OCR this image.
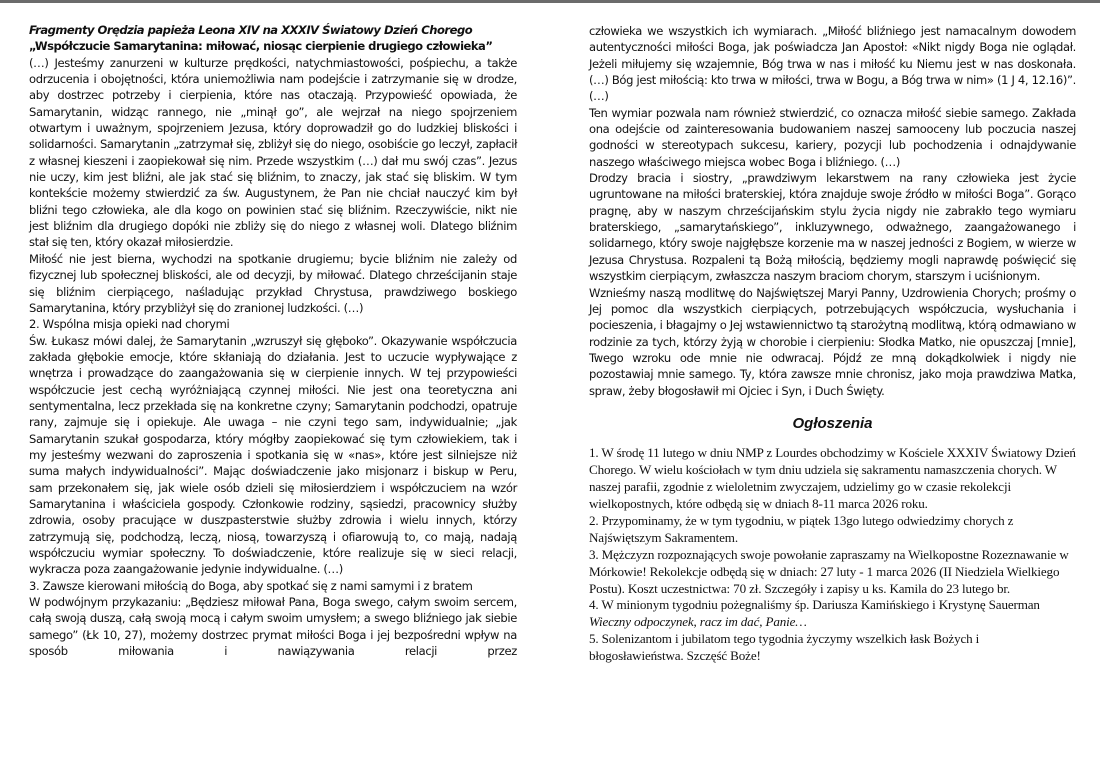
Fragmenty Orędzia papieża Leona XIV na XXXIV Światowy Dzień Chorego

„Współczucie Samarytanina: miłować, niosąc cierpienie drugiego człowieka”

(…) Jesteśmy zanurzeni w kulturze prędkości, natychmiastowości, pośpiechu, a także odrzucenia i obojętności, która uniemożliwia nam podejście i zatrzymanie się w drodze, aby dostrzec potrzeby i cierpienia, które nas otaczają. Przypowieść opowiada, że Samarytanin, widząc rannego, nie „minął go”, ale wejrzał na niego spojrzeniem otwartym i uważnym, spojrzeniem Jezusa, który doprowadził go do ludzkiej bliskości i solidarności. Samarytanin „zatrzymał się, zbliżył się do niego, osobiście go leczył, zapłacił z własnej kieszeni i zaopiekował się nim. Przede wszystkim (…) dał mu swój czas”. Jezus nie uczy, kim jest bliźni, ale jak stać się bliźnim, to znaczy, jak stać się bliskim. W tym kontekście możemy stwierdzić za św. Augustynem, że Pan nie chciał nauczyć kim był bliźni tego człowieka, ale dla kogo on powinien stać się bliźnim. Rzeczywiście, nikt nie jest bliźnim dla drugiego dopóki nie zbliży się do niego z własnej woli. Dlatego bliźnim stał się ten, który okazał miłosierdzie.

Miłość nie jest bierna, wychodzi na spotkanie drugiemu; bycie bliźnim nie zależy od fizycznej lub społecznej bliskości, ale od decyzji, by miłować. Dlatego chrześcijanin staje się bliźnim cierpiącego, naśladując przykład Chrystusa, prawdziwego boskiego Samarytanina, który przybliżył się do zranionej ludzkości. (…)

2. Wspólna misja opieki nad chorymi

Św. Łukasz mówi dalej, że Samarytanin „wzruszył się głęboko”. Okazywanie współczucia zakłada głębokie emocje, które skłaniają do działania. Jest to uczucie wypływające z wnętrza i prowadzące do zaangażowania się w cierpienie innych. W tej przypowieści współczucie jest cechą wyróżniającą czynnej miłości. Nie jest ona teoretyczna ani sentymentalna, lecz przekłada się na konkretne czyny; Samarytanin podchodzi, opatruje rany, zajmuje się i opiekuje. Ale uwaga – nie czyni tego sam, indywidualnie; „jak Samarytanin szukał gospodarza, który mógłby zaopiekować się tym człowiekiem, tak i my jesteśmy wezwani do zaproszenia i spotkania się w «nas», które jest silniejsze niż suma małych indywidualności”. Mając doświadczenie jako misjonarz i biskup w Peru, sam przekonałem się, jak wiele osób dzieli się miłosierdziem i współczuciem na wzór Samarytanina i właściciela gospody. Członkowie rodziny, sąsiedzi, pracownicy służby zdrowia, osoby pracujące w duszpasterstwie służby zdrowia i wielu innych, którzy zatrzymują się, podchodzą, leczą, niosą, towarzyszą i ofiarowują to, co mają, nadają współczuciu wymiar społeczny. To doświadczenie, które realizuje się w sieci relacji, wykracza poza zaangażowanie jedynie indywidualne. (…)

3. Zawsze kierowani miłością do Boga, aby spotkać się z nami samymi i z bratem

W podwójnym przykazaniu: „Będziesz miłował Pana, Boga swego, całym swoim sercem, całą swoją duszą, całą swoją mocą i całym swoim umysłem; a swego bliźniego jak siebie samego” (Łk 10, 27), możemy dostrzec prymat miłości Boga i jej bezpośredni wpływ na sposób miłowania i nawiązywania relacji przez

człowieka we wszystkich ich wymiarach. „Miłość bliźniego jest namacalnym dowodem autentyczności miłości Boga, jak poświadcza Jan Apostoł: «Nikt nigdy Boga nie oglądał. Jeżeli miłujemy się wzajemnie, Bóg trwa w nas i miłość ku Niemu jest w nas doskonała. (…) Bóg jest miłością: kto trwa w miłości, trwa w Bogu, a Bóg trwa w nim» (1 J 4, 12.16)”. (…)

Ten wymiar pozwala nam również stwierdzić, co oznacza miłość siebie samego. Zakłada ona odejście od zainteresowania budowaniem naszej samooceny lub poczucia naszej godności w stereotypach sukcesu, kariery, pozycji lub pochodzenia i odnajdywanie naszego właściwego miejsca wobec Boga i bliźniego. (…)

Drodzy bracia i siostry, „prawdziwym lekarstwem na rany człowieka jest życie ugruntowane na miłości braterskiej, która znajduje swoje źródło w miłości Boga”. Gorąco pragnę, aby w naszym chrześcijańskim stylu życia nigdy nie zabrakło tego wymiaru braterskiego, „samarytańskiego”, inkluzywnego, odważnego, zaangażowanego i solidarnego, który swoje najgłębsze korzenie ma w naszej jedności z Bogiem, w wierze w Jezusa Chrystusa. Rozpaleni tą Bożą miłością, będziemy mogli naprawdę poświęcić się wszystkim cierpiącym, zwłaszcza naszym braciom chorym, starszym i uciśnionym.

Wznieśmy naszą modlitwę do Najświętszej Maryi Panny, Uzdrowienia Chorych; prośmy o Jej pomoc dla wszystkich cierpiących, potrzebujących współczucia, wysłuchania i pocieszenia, i błagajmy o Jej wstawiennictwo tą starożytną modlitwą, którą odmawiano w rodzinie za tych, którzy żyją w chorobie i cierpieniu: Słodka Matko, nie opuszczaj [mnie], Twego wzroku ode mnie nie odwracaj. Pójdź ze mną dokądkolwiek i nigdy nie pozostawiaj mnie samego. Ty, która zawsze mnie chronisz, jako moja prawdziwa Matka, spraw, żeby błogosławił mi Ojciec i Syn, i Duch Święty.

Ogłoszenia

1. W środę 11 lutego w dniu NMP z Lourdes obchodzimy w Kościele XXXIV Światowy Dzień Chorego. W wielu kościołach w tym dniu udziela się sakramentu namaszczenia chorych. W naszej parafii, zgodnie z wieloletnim zwyczajem, udzielimy go w czasie rekolekcji wielkopostnych, które odbędą się w dniach 8-11 marca 2026 roku.

2. Przypominamy, że w tym tygodniu, w piątek 13go lutego odwiedzimy chorych z Najświętszym Sakramentem.

3. Mężczyzn rozpoznających swoje powołanie zapraszamy na Wielkopostne Rozeznawanie w Mórkowie! Rekolekcje odbędą się w dniach: 27 luty - 1 marca 2026 (II Niedziela Wielkiego Postu). Koszt uczestnictwa: 70 zł. Szczegóły i zapisy u ks. Kamila do 23 lutego br.

4. W minionym tygodniu pożegnaliśmy śp. Dariusza Kamińskiego i Krystynę Sauerman Wieczny odpoczynek, racz im dać, Panie…

5. Solenizantom i jubilatom tego tygodnia życzymy wszelkich łask Bożych i błogosławieństwa. Szczęść Boże!
